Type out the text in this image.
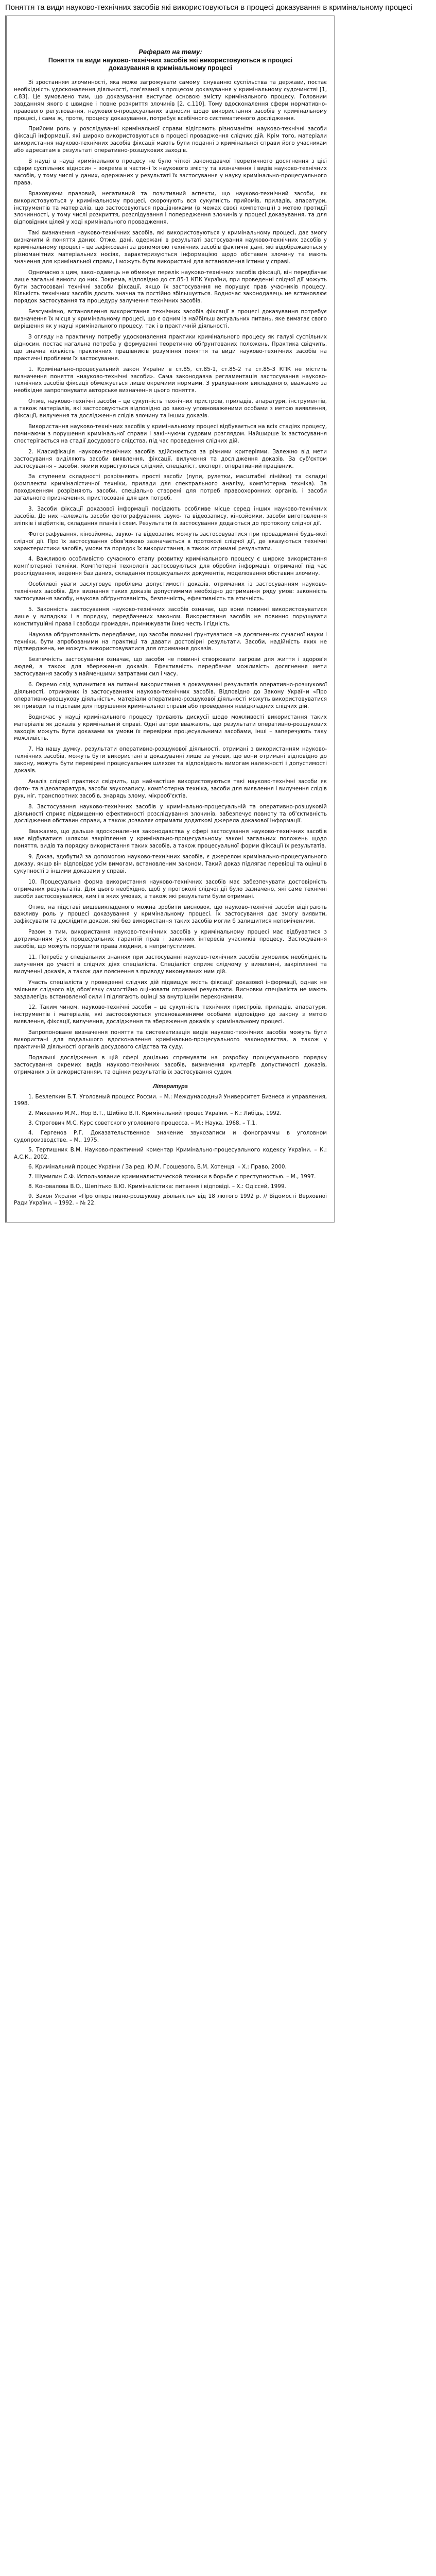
Поняття та види науково-технічних засобів які використовуються в процесі доказування в кримінальному процесі
Реферат на тему:
Поняття та види науково-технічних засобів які використовуються в процесі доказування в кримінальному процесі

Зі зростанням злочинності, яка може загрожувати самому існуванню суспільства та держави, постає необхідність удосконалення діяльності, пов'язаної з процесом доказування у кримінальному судочинстві [1, с.83]. Це зумовлено тим, що доказування виступає основою змісту кримінального процесу. Головним завданням якого є швидке і повне розкриття злочинів [2, с.110]. Тому вдосконалення сфери нормативно-правового регулювання, наукового-процесуальних відносин щодо використання засобів у кримінальному процесі, і сама ж, проте, процесу доказування, потребує всебічного систематичного дослідження.

Прийоми роль у розслідуванні кримінальної справи відіграють різноманітні науково-технічні засоби фіксації інформації, які широко використовуються в процесі провадження слідчих дій. Крім того, матеріали використання науково-технічних засобів фіксації мають бути поданні з кримінальної справи його учасникам або адресатам в результаті оперативно-розшукових заходів.

В науці в науці кримінального процесу не було чіткої законодавчої теоретичного досягнення з цієї сфери суспільних відносин – зокрема в частині їх наукового змісту та визначення і видів науково-технічних засобів, у тому числі у даних, одержаних у результаті їх застосування у науку кримінально-процесуального права.

Враховуючи правовий, негативний та позитивний аспекти, що науково-технічний засоби, як використовуються у кримінальному процесі, скорочують вся сукупність прийомів, приладів, апаратури, інструментів та матеріалів, що застосовуються працівниками (в межах своєї компетенції) з метою протидії злочинності, у тому числі розкриття, розслідування і попередження злочинів у процесі доказування, та для відповідних цілей у ході кримінального провадження.

Такі визначення науково-технічних засобів, які використовуються у кримінальному процесі, дає змогу визначити й поняття даних. Отже, дані, одержані в результаті застосування науково-технічних засобів у кримінальному процесі – це зафіксовані за допомогою технічних засобів фактичні дані, які відображаються у різноманітних матеріальних носіях, характеризуються інформацією щодо обставин злочину та мають значення для кримінальної справи, і можуть бути використані для встановлення істини у справі.

Одночасно з цим, законодавець не обмежує перелік науково-технічних засобів фіксації, він передбачає лише загальні вимоги до них. Зокрема, відповідно до ст.85-1 КПК України, при проведенні слідчої дії можуть бути застосовані технічні засоби фіксації, якщо їх застосування не порушує прав учасників процесу. Кількість технічних засобів досить значна та постійно збільшується. Водночас законодавець не встановлює порядок застосування та процедуру залучення технічних засобів.

Безсумнівно, встановлення використання технічних засобів фіксації в процесі доказування потребує визначення їх місця у кримінальному процесі, що є одним із найбільш актуальних питань, яке вимагає свого вирішення як у науці кримінального процесу, так і в практичній діяльності.

З огляду на практичну потребу удосконалення практики кримінального процесу як галузі суспільних відносин, постає нагальна потреба у формуванні теоретично обґрунтованих положень. Практика свідчить, що значна кількість практичних працівників розуміння поняття та види науково-технічних засобів на практичні проблеми їх застосування.

1. Кримінально-процесуальний закон України в ст.85, ст.85-1, ст.85-2 та ст.85-3 КПК не містить визначення поняття «науково-технічні засоби». Сама законодавча регламентація застосування науково-технічних засобів фіксації обмежується лише окремими нормами. З урахуванням викладеного, вважаємо за необхідне запропонувати авторське визначення цього поняття.

Отже, науково-технічні засоби – це сукупність технічних пристроїв, приладів, апаратури, інструментів, а також матеріалів, які застосовуються відповідно до закону уповноваженими особами з метою виявлення, фіксації, вилучення та дослідження слідів злочину та інших доказів.

Використання науково-технічних засобів у кримінальному процесі відбувається на всіх стадіях процесу, починаючи з порушення кримінальної справи і закінчуючи судовим розглядом. Найширше їх застосування спостерігається на стадії досудового слідства, під час проведення слідчих дій.

2. Класифікація науково-технічних засобів здійснюється за різними критеріями. Залежно від мети застосування виділяють засоби виявлення, фіксації, вилучення та дослідження доказів. За суб'єктом застосування – засоби, якими користуються слідчий, спеціаліст, експерт, оперативний працівник.

За ступенем складності розрізняють прості засоби (лупи, рулетки, масштабні лінійки) та складні (комплекти криміналістичної техніки, прилади для спектрального аналізу, комп'ютерна техніка). За походженням розрізняють засоби, спеціально створені для потреб правоохоронних органів, і засоби загального призначення, пристосовані для цих потреб.

3. Засоби фіксації доказової інформації посідають особливе місце серед інших науково-технічних засобів. До них належать засоби фотографування, звуко- та відеозапису, кінозйомки, засоби виготовлення зліпків і відбитків, складання планів і схем. Результати їх застосування додаються до протоколу слідчої дії.

Фотографування, кінозйомка, звуко- та відеозапис можуть застосовуватися при провадженні будь-якої слідчої дії. Про їх застосування обов'язково зазначається в протоколі слідчої дії, де вказуються технічні характеристики засобів, умови та порядок їх використання, а також отримані результати.

4. Важливою особливістю сучасного етапу розвитку кримінального процесу є широке використання комп'ютерної техніки. Комп'ютерні технології застосовуються для обробки інформації, отриманої під час розслідування, ведення баз даних, складання процесуальних документів, моделювання обставин злочину.

Особливої уваги заслуговує проблема допустимості доказів, отриманих із застосуванням науково-технічних засобів. Для визнання таких доказів допустимими необхідно дотримання ряду умов: законність застосування засобу, наукова обґрунтованість, безпечність, ефективність та етичність.

5. Законність застосування науково-технічних засобів означає, що вони повинні використовуватися лише у випадках і в порядку, передбачених законом. Використання засобів не повинно порушувати конституційні права і свободи громадян, принижувати їхню честь і гідність.

Наукова обґрунтованість передбачає, що засоби повинні ґрунтуватися на досягненнях сучасної науки і техніки, бути апробованими на практиці та давати достовірні результати. Засоби, надійність яких не підтверджена, не можуть використовуватися для отримання доказів.

Безпечність застосування означає, що засоби не повинні створювати загрози для життя і здоров'я людей, а також для збереження доказів. Ефективність передбачає можливість досягнення мети застосування засобу з найменшими затратами сил і часу.

6. Окремо слід зупинитися на питанні використання в доказуванні результатів оперативно-розшукової діяльності, отриманих із застосуванням науково-технічних засобів. Відповідно до Закону України «Про оперативно-розшукову діяльність», матеріали оперативно-розшукової діяльності можуть використовуватися як приводи та підстави для порушення кримінальної справи або проведення невідкладних слідчих дій.

Водночас у науці кримінального процесу тривають дискусії щодо можливості використання таких матеріалів як доказів у кримінальній справі. Одні автори вважають, що результати оперативно-розшукових заходів можуть бути доказами за умови їх перевірки процесуальними засобами, інші – заперечують таку можливість.

7. На нашу думку, результати оперативно-розшукової діяльності, отримані з використанням науково-технічних засобів, можуть бути використані в доказуванні лише за умови, що вони отримані відповідно до закону, можуть бути перевірені процесуальним шляхом та відповідають вимогам належності і допустимості доказів.

Аналіз слідчої практики свідчить, що найчастіше використовуються такі науково-технічні засоби як фото- та відеоапаратура, засоби звукозапису, комп'ютерна техніка, засоби для виявлення і вилучення слідів рук, ніг, транспортних засобів, знарядь злому, мікрооб'єктів.

8. Застосування науково-технічних засобів у кримінально-процесуальній та оперативно-розшуковій діяльності сприяє підвищенню ефективності розслідування злочинів, забезпечує повноту та об'єктивність дослідження обставин справи, а також дозволяє отримати додаткові джерела доказової інформації.

Вважаємо, що дальше вдосконалення законодавства у сфері застосування науково-технічних засобів має відбуватися шляхом закріплення у кримінально-процесуальному законі загальних положень щодо поняття, видів та порядку використання таких засобів, а також процесуальної форми фіксації їх результатів.

9. Доказ, здобутий за допомогою науково-технічних засобів, є джерелом кримінально-процесуального доказу, якщо він відповідає усім вимогам, встановленим законом. Такий доказ підлягає перевірці та оцінці в сукупності з іншими доказами у справі.

10. Процесуальна форма використання науково-технічних засобів має забезпечувати достовірність отриманих результатів. Для цього необхідно, щоб у протоколі слідчої дії було зазначено, які саме технічні засоби застосовувалися, ким і в яких умовах, а також які результати були отримані.

Отже, на підставі вищевикладеного можна зробити висновок, що науково-технічні засоби відіграють важливу роль у процесі доказування у кримінальному процесі. Їх застосування дає змогу виявити, зафіксувати та дослідити докази, які без використання таких засобів могли б залишитися непоміченими.

Разом з тим, використання науково-технічних засобів у кримінальному процесі має відбуватися з дотриманням усіх процесуальних гарантій прав і законних інтересів учасників процесу. Застосування засобів, що можуть порушити права людини, є неприпустимим.

11. Потреба у спеціальних знаннях при застосуванні науково-технічних засобів зумовлює необхідність залучення до участі в слідчих діях спеціаліста. Спеціаліст сприяє слідчому у виявленні, закріпленні та вилученні доказів, а також дає пояснення з приводу виконуваних ним дій.

Участь спеціаліста у проведенні слідчих дій підвищує якість фіксації доказової інформації, однак не звільняє слідчого від обов'язку самостійно оцінювати отримані результати. Висновки спеціаліста не мають заздалегідь встановленої сили і підлягають оцінці за внутрішнім переконанням.

12. Таким чином, науково-технічні засоби – це сукупність технічних пристроїв, приладів, апаратури, інструментів і матеріалів, які застосовуються уповноваженими особами відповідно до закону з метою виявлення, фіксації, вилучення, дослідження та збереження доказів у кримінальному процесі.

Запропоноване визначення поняття та систематизація видів науково-технічних засобів можуть бути використані для подальшого вдосконалення кримінально-процесуального законодавства, а також у практичній діяльності органів досудового слідства та суду.

Подальші дослідження в цій сфері доцільно спрямувати на розробку процесуального порядку застосування окремих видів науково-технічних засобів, визначення критеріїв допустимості доказів, отриманих з їх використанням, та оцінки результатів їх застосування судом.

Література
1. Безлепкин Б.Т. Уголовный процесс России. – М.: Международный Университет Бизнеса и управления, 1998.
2. Михеенко М.М., Нор В.Т., Шибіко В.П. Кримінальний процес України. – К.: Либідь, 1992.
3. Строгович М.С. Курс советского уголовного процесса. – М.: Наука, 1968. – Т.1.
4. Гергенов Р.Г. Доказательственное значение звукозаписи и фонограммы в уголовном судопроизводстве. – М., 1975.
5. Тертишник В.М. Науково-практичний коментар Кримінально-процесуального кодексу України. – К.: А.С.К., 2002.
6. Кримінальний процес України / За ред. Ю.М. Грошевого, В.М. Хотенця. – Х.: Право, 2000.
7. Шумилин С.Ф. Использование криминалистической техники в борьбе с преступностью. – М., 1997.
8. Коновалова В.О., Шепітько В.Ю. Криміналістика: питання і відповіді. – Х.: Одіссей, 1999.
9. Закон України «Про оперативно-розшукову діяльність» від 18 лютого 1992 р. // Відомості Верховної Ради України. – 1992. – № 22.
